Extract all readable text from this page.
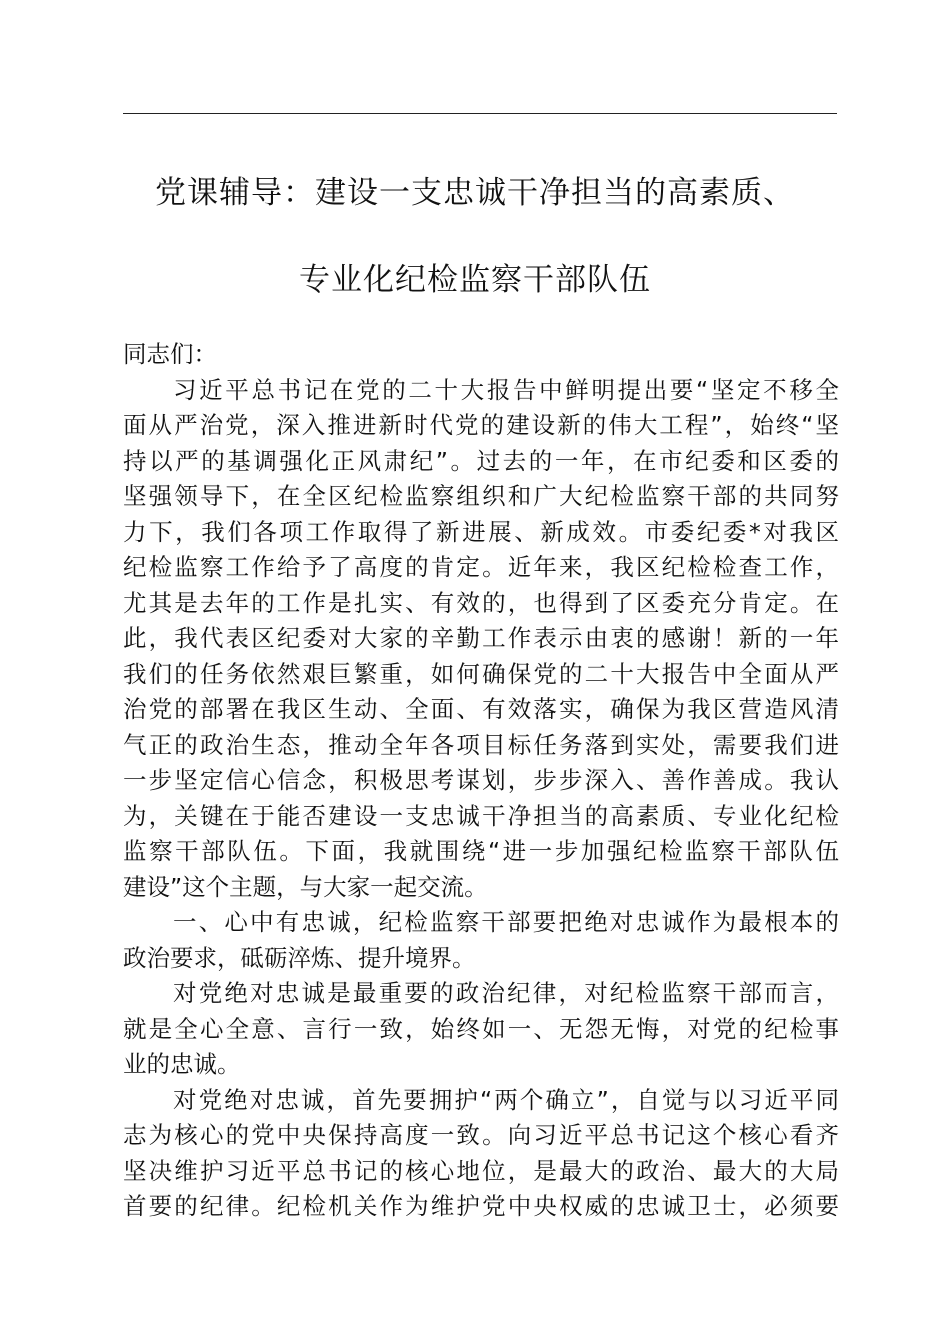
党课辅导：建设一支忠诚干净担当的高素质、
专业化纪检监察干部队伍
同志们：
习近平总书记在党的二十大报告中鲜明提出要“坚定不移全
面从严治党，深入推进新时代党的建设新的伟大工程”，始终“坚
持以严的基调强化正风肃纪”。过去的一年，在市纪委和区委的
坚强领导下，在全区纪检监察组织和广大纪检监察干部的共同努
力下，我们各项工作取得了新进展、新成效。市委纪委*对我区
纪检监察工作给予了高度的肯定。近年来，我区纪检检查工作，
尤其是去年的工作是扎实、有效的，也得到了区委充分肯定。在
此，我代表区纪委对大家的辛勤工作表示由衷的感谢！新的一年
我们的任务依然艰巨繁重，如何确保党的二十大报告中全面从严
治党的部署在我区生动、全面、有效落实，确保为我区营造风清
气正的政治生态，推动全年各项目标任务落到实处，需要我们进
一步坚定信心信念，积极思考谋划，步步深入、善作善成。我认
为，关键在于能否建设一支忠诚干净担当的高素质、专业化纪检
监察干部队伍。下面，我就围绕“进一步加强纪检监察干部队伍
建设”这个主题，与大家一起交流。
一、心中有忠诚，纪检监察干部要把绝对忠诚作为最根本的
政治要求，砥砺淬炼、提升境界。
对党绝对忠诚是最重要的政治纪律，对纪检监察干部而言，
就是全心全意、言行一致，始终如一、无怨无悔，对党的纪检事
业的忠诚。
对党绝对忠诚，首先要拥护“两个确立”，自觉与以习近平同
志为核心的党中央保持高度一致。向习近平总书记这个核心看齐
坚决维护习近平总书记的核心地位，是最大的政治、最大的大局
首要的纪律。纪检机关作为维护党中央权威的忠诚卫士，必须要
